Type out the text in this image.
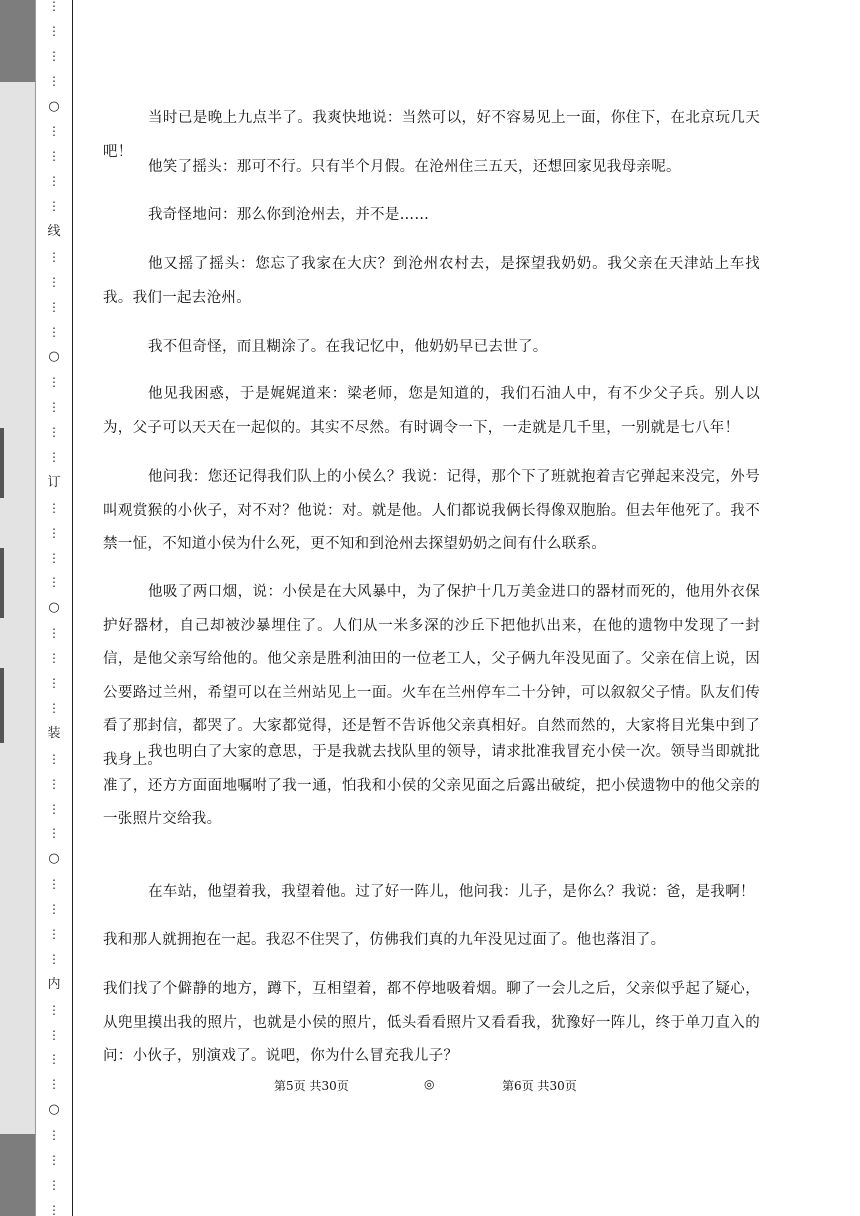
⋮
⋮
⋮
⋮
○
⋮
⋮
⋮
⋮
线
⋮
⋮
⋮
⋮
○
⋮
⋮
⋮
⋮
订
⋮
⋮
⋮
⋮
○
⋮
⋮
⋮
⋮
装
⋮
⋮
⋮
⋮
○
⋮
⋮
⋮
⋮
内
⋮
⋮
⋮
⋮
○
⋮
⋮
⋮
⋮

当时已是晚上九点半了。我爽快地说：当然可以，好不容易见上一面，你住下，在北京玩几天吧！

他笑了摇头：那可不行。只有半个月假。在沧州住三五天，还想回家见我母亲呢。

我奇怪地问：那么你到沧州去，并不是……

他又摇了摇头：您忘了我家在大庆？到沧州农村去，是探望我奶奶。我父亲在天津站上车找我。我们一起去沧州。

我不但奇怪，而且糊涂了。在我记忆中，他奶奶早已去世了。

他见我困惑，于是娓娓道来：梁老师，您是知道的，我们石油人中，有不少父子兵。别人以为，父子可以天天在一起似的。其实不尽然。有时调令一下，一走就是几千里，一别就是七八年！

他问我：您还记得我们队上的小侯么？我说：记得，那个下了班就抱着吉它弹起来没完，外号叫观赏猴的小伙子，对不对？他说：对。就是他。人们都说我俩长得像双胞胎。但去年他死了。我不禁一怔，不知道小侯为什么死，更不知和到沧州去探望奶奶之间有什么联系。

他吸了两口烟，说：小侯是在大风暴中，为了保护十几万美金进口的器材而死的，他用外衣保护好器材，自己却被沙暴埋住了。人们从一米多深的沙丘下把他扒出来，在他的遗物中发现了一封信，是他父亲写给他的。他父亲是胜利油田的一位老工人，父子俩九年没见面了。父亲在信上说，因公要路过兰州，希望可以在兰州站见上一面。火车在兰州停车二十分钟，可以叙叙父子情。队友们传看了那封信，都哭了。大家都觉得，还是暂不告诉他父亲真相好。自然而然的，大家将目光集中到了我身上。

我也明白了大家的意思，于是我就去找队里的领导，请求批准我冒充小侯一次。领导当即就批准了，还方方面面地嘱咐了我一通，怕我和小侯的父亲见面之后露出破绽，把小侯遗物中的他父亲的一张照片交给我。

在车站，他望着我，我望着他。过了好一阵儿，他问我：儿子，是你么？我说：爸，是我啊！

我和那人就拥抱在一起。我忍不住哭了，仿佛我们真的九年没见过面了。他也落泪了。

我们找了个僻静的地方，蹲下，互相望着，都不停地吸着烟。聊了一会儿之后，父亲似乎起了疑心，从兜里摸出我的照片，也就是小侯的照片，低头看看照片又看看我，犹豫好一阵儿，终于单刀直入的问：小伙子，别演戏了。说吧，你为什么冒充我儿子？

第5页 共30页	◎	第6页 共30页
